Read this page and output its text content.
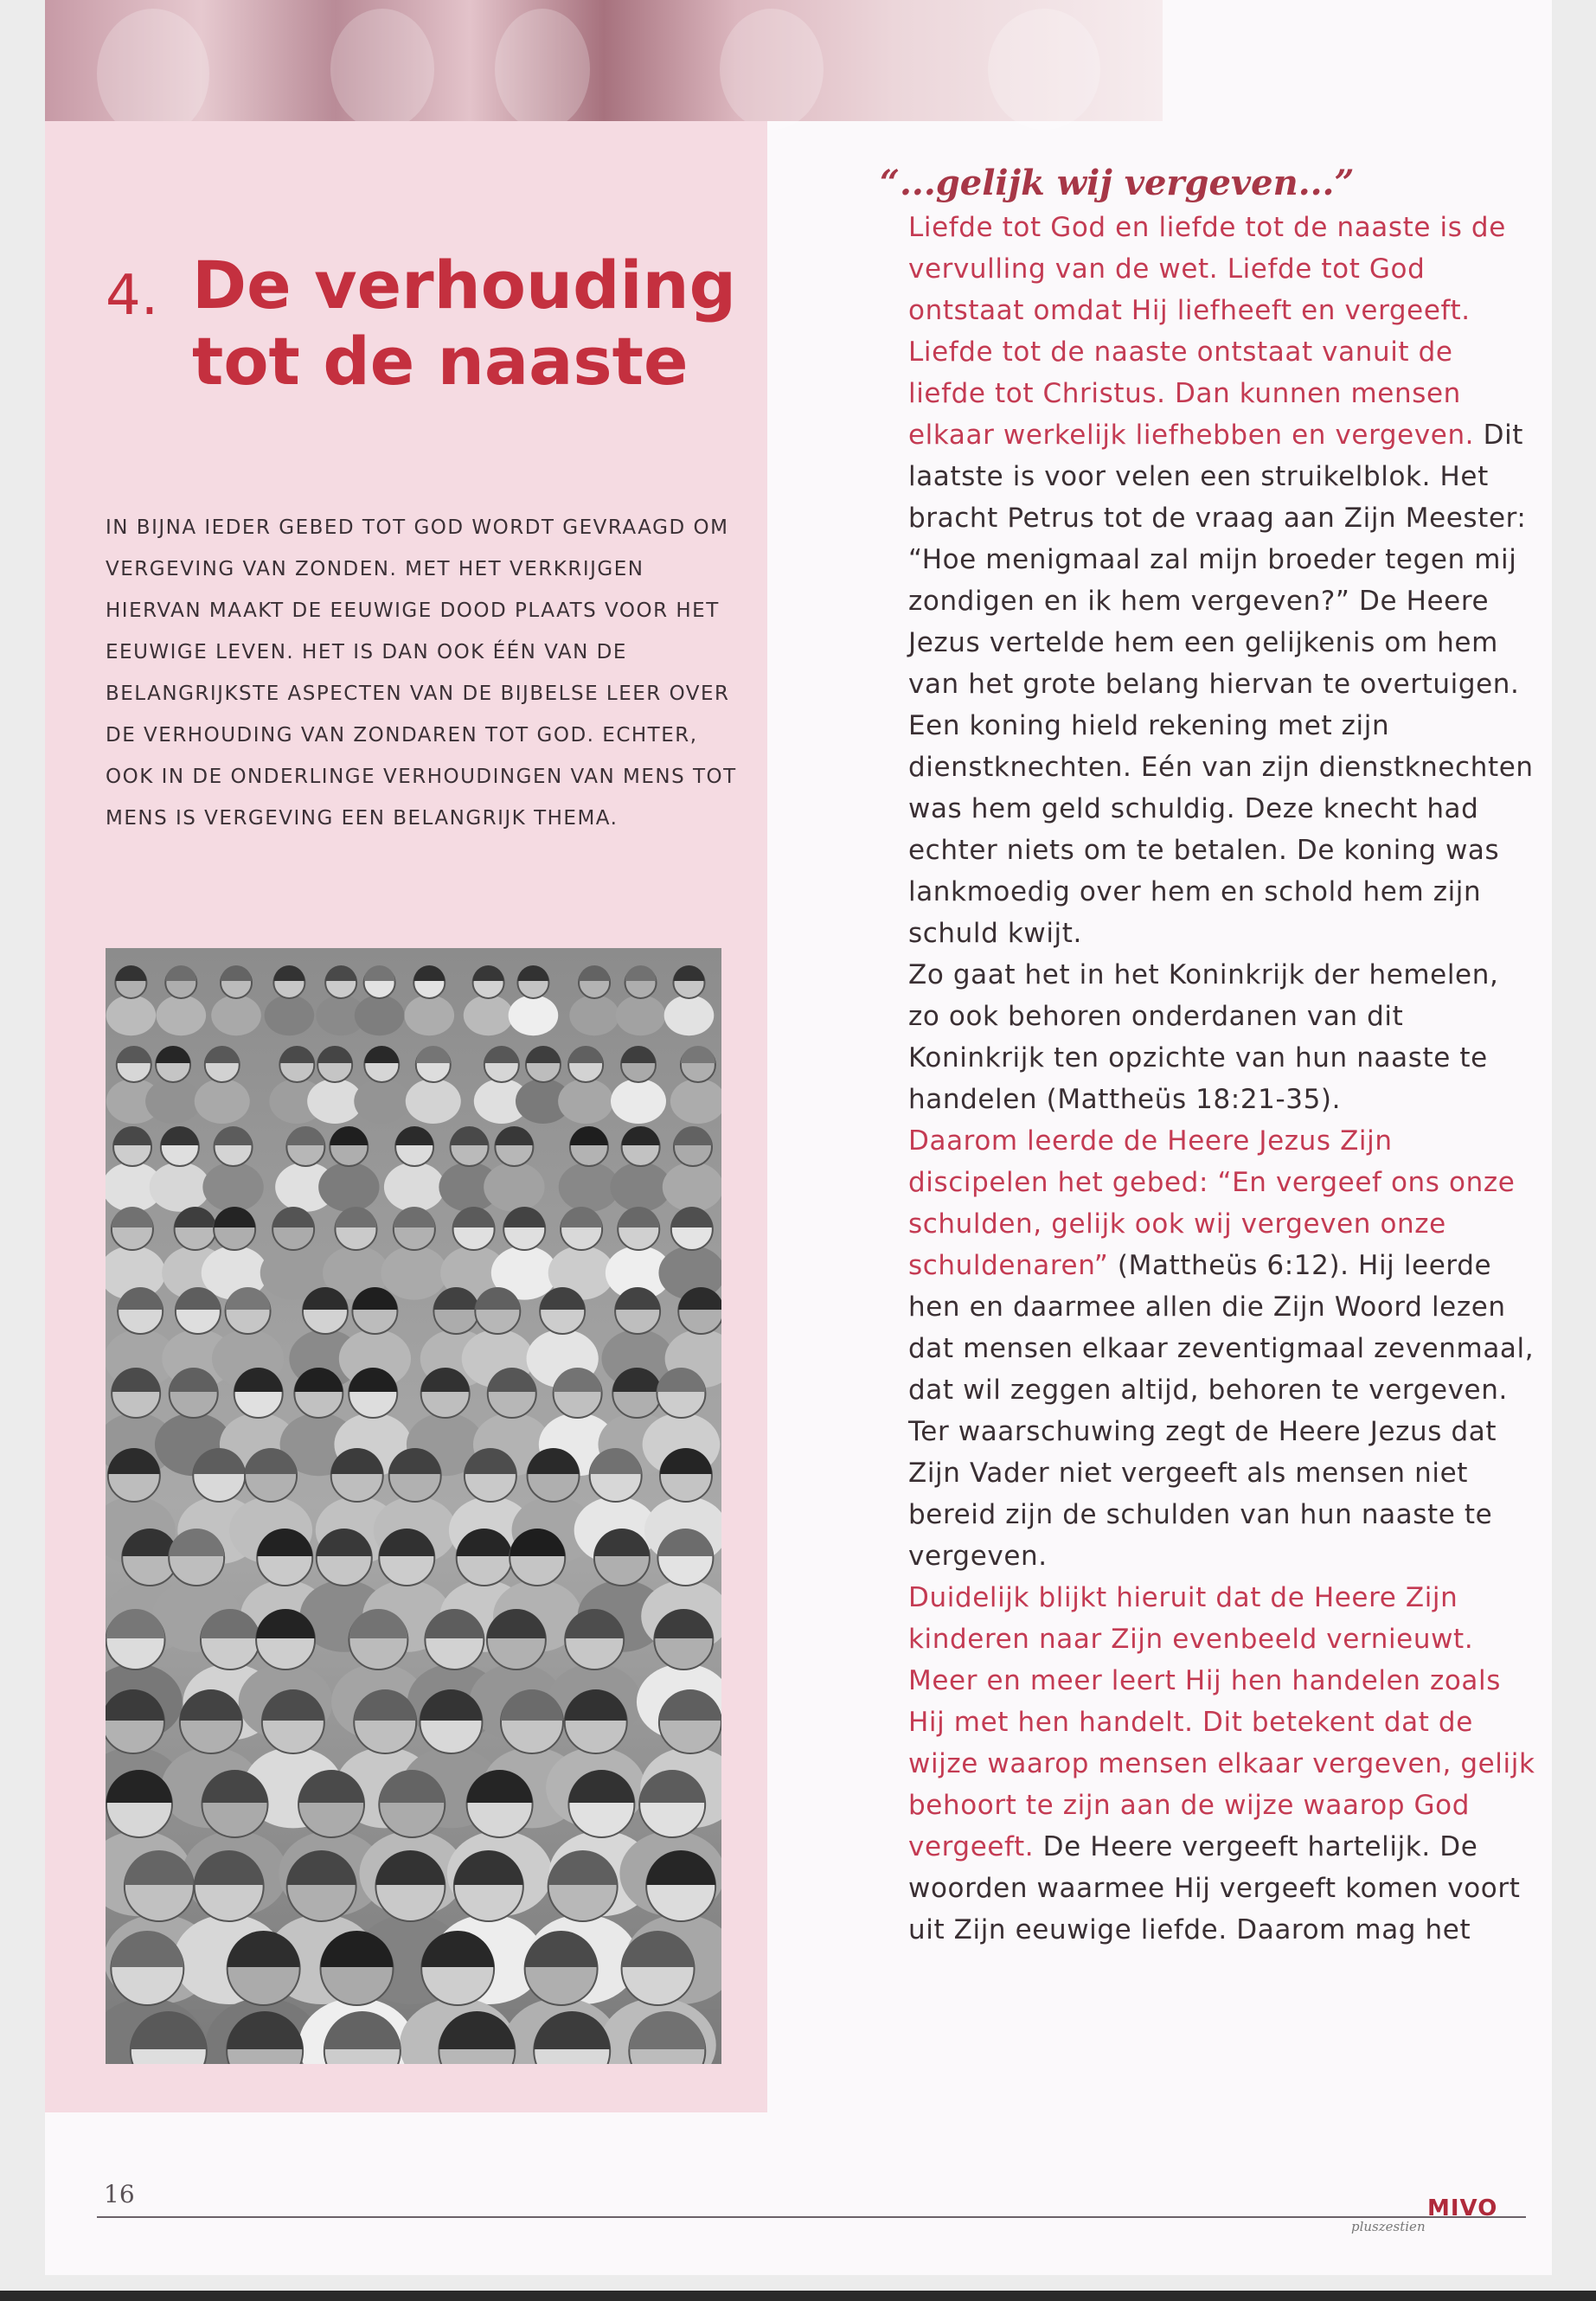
4. De verhouding
tot de naaste
IN BIJNA IEDER GEBED TOT GOD WORDT GEVRAAGD OM VERGEVING VAN ZONDEN. MET HET VERKRIJGEN HIERVAN MAAKT DE EEUWIGE DOOD PLAATS VOOR HET EEUWIGE LEVEN. HET IS DAN OOK ÉÉN VAN DE BELANGRIJKSTE ASPECTEN VAN DE BIJBELSE LEER OVER DE VERHOUDING VAN ZONDAREN TOT GOD. ECHTER, OOK IN DE ONDERLINGE VERHOUDINGEN VAN MENS TOT MENS IS VERGEVING EEN BELANGRIJK THEMA.
“...gelijk wij vergeven...”
Liefde tot God en liefde tot de naaste is de vervulling van de wet. Liefde tot God ontstaat omdat Hij liefheeft en vergeeft. Liefde tot de naaste ontstaat vanuit de liefde tot Christus. Dan kunnen mensen elkaar werkelijk liefhebben en vergeven. Dit laatste is voor velen een struikelblok. Het bracht Petrus tot de vraag aan Zijn Meester: “Hoe menigmaal zal mijn broeder tegen mij zondigen en ik hem vergeven?” De Heere Jezus vertelde hem een gelijkenis om hem van het grote belang hiervan te overtuigen. Een koning hield rekening met zijn dienstknechten. Eén van zijn dienstknechten was hem geld schuldig. Deze knecht had echter niets om te betalen. De koning was lankmoedig over hem en schold hem zijn schuld kwijt.
Zo gaat het in het Koninkrijk der hemelen, zo ook behoren onderdanen van dit Koninkrijk ten opzichte van hun naaste te handelen (Mattheüs 18:21-35).
Daarom leerde de Heere Jezus Zijn discipelen het gebed: “En vergeef ons onze schulden, gelijk ook wij vergeven onze schuldenaren” (Mattheüs 6:12). Hij leerde hen en daarmee allen die Zijn Woord lezen dat mensen elkaar zeventigmaal zevenmaal, dat wil zeggen altijd, behoren te vergeven. Ter waarschuwing zegt de Heere Jezus dat Zijn Vader niet vergeeft als mensen niet bereid zijn de schulden van hun naaste te vergeven.
Duidelijk blijkt hieruit dat de Heere Zijn kinderen naar Zijn evenbeeld vernieuwt. Meer en meer leert Hij hen handelen zoals Hij met hen handelt. Dit betekent dat de wijze waarop mensen elkaar vergeven, gelijk behoort te zijn aan de wijze waarop God vergeeft. De Heere vergeeft hartelijk. De woorden waarmee Hij vergeeft komen voort uit Zijn eeuwige liefde. Daarom mag het
16	MIVO
pluszestien
